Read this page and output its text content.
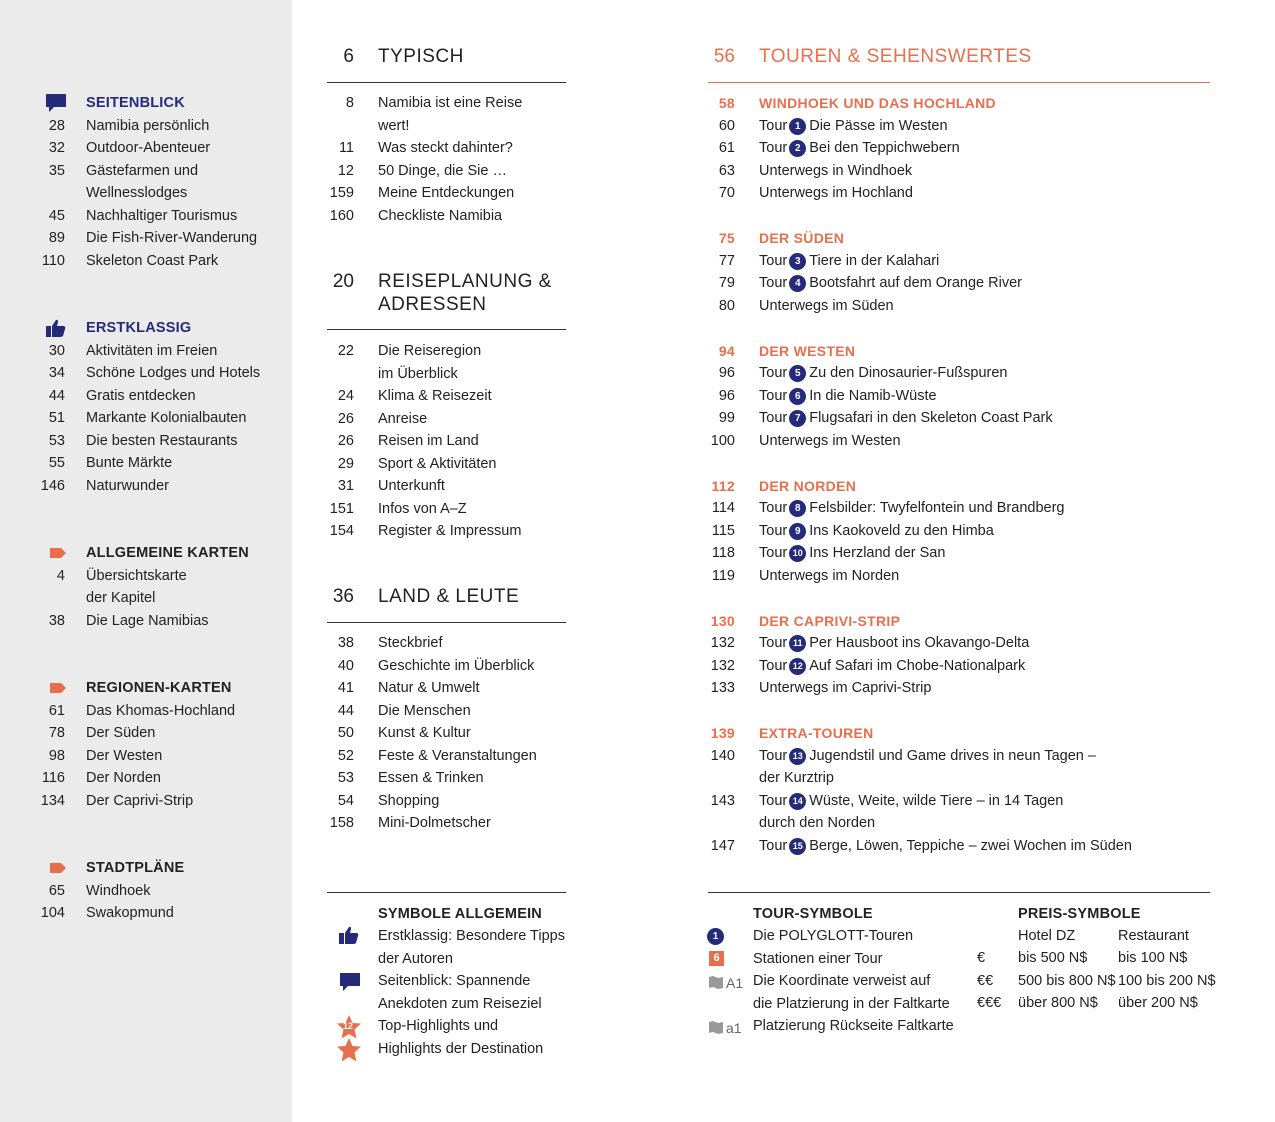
SEITENBLICK
28 Namibia persönlich
32 Outdoor-Abenteuer
35 Gästefarmen und
Wellnesslodges
45 Nachhaltiger Tourismus
89 Die Fish-River-Wanderung
110 Skeleton Coast Park
ERSTKLASSIG
30 Aktivitäten im Freien
34 Schöne Lodges und Hotels
44 Gratis entdecken
51 Markante Kolonialbauten
53 Die besten Restaurants
55 Bunte Märkte
146 Naturwunder
ALLGEMEINE KARTEN
4 Übersichtskarte
der Kapitel
38 Die Lage Namibias
REGIONEN-KARTEN
61 Das Khomas-Hochland
78 Der Süden
98 Der Westen
116 Der Norden
134 Der Caprivi-Strip
STADTPLÄNE
65 Windhoek
104 Swakopmund
6 TYPISCH
8 Namibia ist eine Reise
wert!
11 Was steckt dahinter?
12 50 Dinge, die Sie …
159 Meine Entdeckungen
160 Checkliste Namibia
20 REISEPLANUNG &
ADRESSEN
22 Die Reiseregion
im Überblick
24 Klima & Reisezeit
26 Anreise
26 Reisen im Land
29 Sport & Aktivitäten
31 Unterkunft
151 Infos von A–Z
154 Register & Impressum
36 LAND & LEUTE
38 Steckbrief
40 Geschichte im Überblick
41 Natur & Umwelt
44 Die Menschen
50 Kunst & Kultur
52 Feste & Veranstaltungen
53 Essen & Trinken
54 Shopping
158 Mini-Dolmetscher
SYMBOLE ALLGEMEIN
Erstklassig: Besondere Tipps
der Autoren
Seitenblick: Spannende
Anekdoten zum Reiseziel
Top-Highlights und
Highlights der Destination
12
56 TOUREN & SEHENSWERTES
58 WINDHOEK UND DAS HOCHLAND
60 Tour 1 Die Pässe im Westen
61 Tour 2 Bei den Teppichwebern
63 Unterwegs in Windhoek
70 Unterwegs im Hochland
75 DER SÜDEN
77 Tour 3 Tiere in der Kalahari
79 Tour 4 Bootsfahrt auf dem Orange River
80 Unterwegs im Süden
94 DER WESTEN
96 Tour 5 Zu den Dinosaurier-Fußspuren
96 Tour 6 In die Namib-Wüste
99 Tour 7 Flugsafari in den Skeleton Coast Park
100 Unterwegs im Westen
112 DER NORDEN
114 Tour 8 Felsbilder: Twyfelfontein und Brandberg
115 Tour 9 Ins Kaokoveld zu den Himba
118 Tour 10 Ins Herzland der San
119 Unterwegs im Norden
130 DER CAPRIVI-STRIP
132 Tour 11 Per Hausboot ins Okavango-Delta
132 Tour 12 Auf Safari im Chobe-Nationalpark
133 Unterwegs im Caprivi-Strip
139 EXTRA-TOUREN
140 Tour 13 Jugendstil und Game drives in neun Tagen –
der Kurztrip
143 Tour 14 Wüste, Weite, wilde Tiere – in 14 Tagen
durch den Norden
147 Tour 15 Berge, Löwen, Teppiche – zwei Wochen im Süden
TOUR-SYMBOLE	PREIS-SYMBOLE
Die POLYGLOTT-Touren
Stationen einer Tour
Die Koordinate verweist auf
die Platzierung in der Faltkarte
Platzierung Rückseite Faltkarte
1
6
A1
a1
Hotel DZ	Restaurant
€ bis 500 N$ bis 100 N$
€€ 500 bis 800 N$ 100 bis 200 N$
€€€ über 800 N$ über 200 N$
